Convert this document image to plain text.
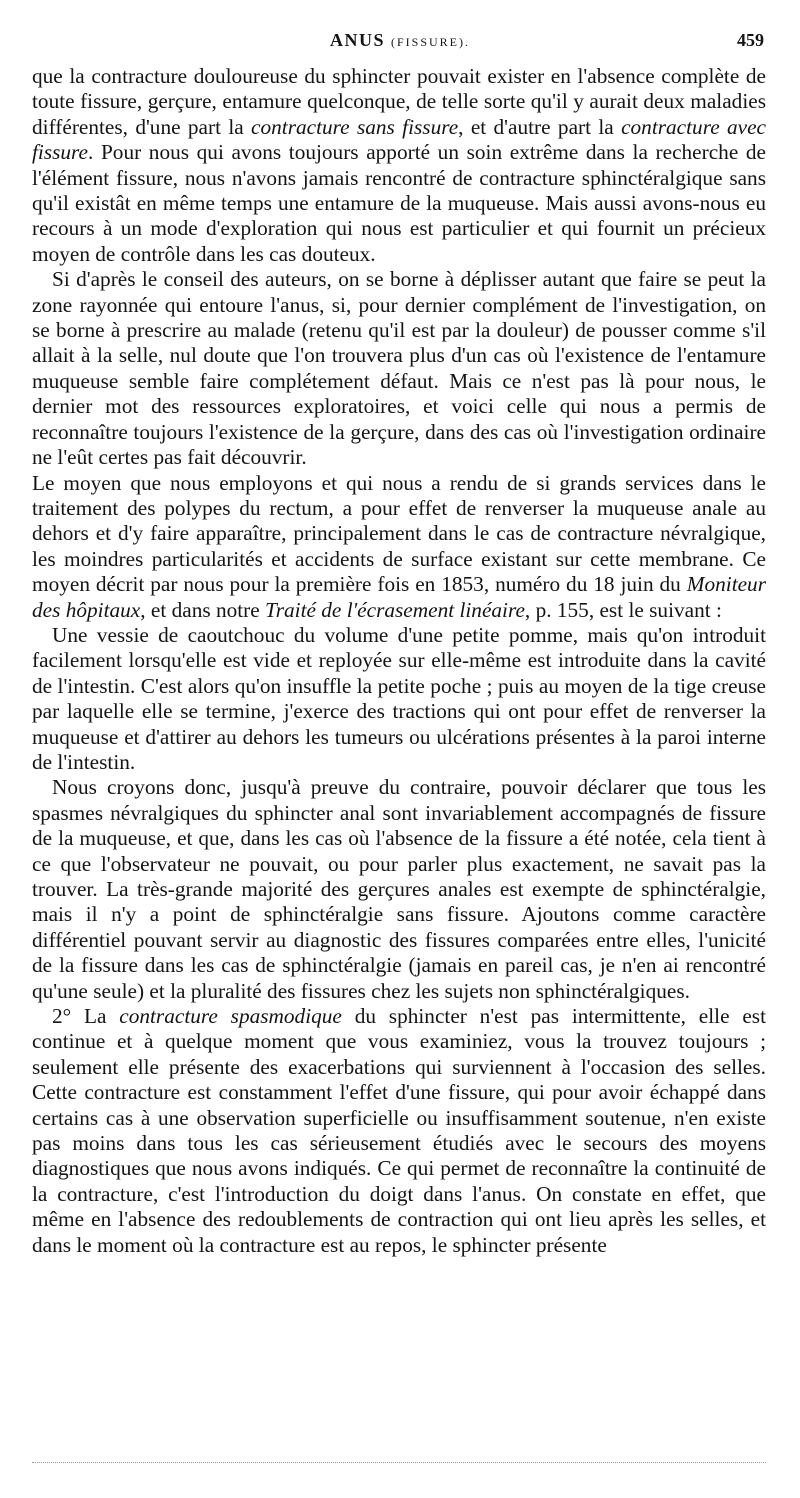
ANUS (FISSURE).	459

que la contracture douloureuse du sphincter pouvait exister en l'absence complète de toute fissure, gerçure, entamure quelconque, de telle sorte qu'il y aurait deux maladies différentes, d'une part la contracture sans fissure, et d'autre part la contracture avec fissure. Pour nous qui avons toujours apporté un soin extrême dans la recherche de l'élément fissure, nous n'avons jamais rencontré de contracture sphinctéralgique sans qu'il existât en même temps une entamure de la muqueuse. Mais aussi avons-nous eu recours à un mode d'exploration qui nous est particulier et qui fournit un précieux moyen de contrôle dans les cas douteux.

Si d'après le conseil des auteurs, on se borne à déplisser autant que faire se peut la zone rayonnée qui entoure l'anus, si, pour dernier complément de l'investigation, on se borne à prescrire au malade (retenu qu'il est par la douleur) de pousser comme s'il allait à la selle, nul doute que l'on trouvera plus d'un cas où l'existence de l'entamure muqueuse semble faire complétement défaut. Mais ce n'est pas là pour nous, le dernier mot des ressources exploratoires, et voici celle qui nous a permis de reconnaître toujours l'existence de la gerçure, dans des cas où l'investigation ordinaire ne l'eût certes pas fait découvrir.

Le moyen que nous employons et qui nous a rendu de si grands services dans le traitement des polypes du rectum, a pour effet de renverser la muqueuse anale au dehors et d'y faire apparaître, principalement dans le cas de contracture névralgique, les moindres particularités et accidents de surface existant sur cette membrane. Ce moyen décrit par nous pour la première fois en 1853, numéro du 18 juin du Moniteur des hôpitaux, et dans notre Traité de l'écrasement linéaire, p. 155, est le suivant :

Une vessie de caoutchouc du volume d'une petite pomme, mais qu'on introduit facilement lorsqu'elle est vide et reployée sur elle-même est introduite dans la cavité de l'intestin. C'est alors qu'on insuffle la petite poche ; puis au moyen de la tige creuse par laquelle elle se termine, j'exerce des tractions qui ont pour effet de renverser la muqueuse et d'attirer au dehors les tumeurs ou ulcérations présentes à la paroi interne de l'intestin.

Nous croyons donc, jusqu'à preuve du contraire, pouvoir déclarer que tous les spasmes névralgiques du sphincter anal sont invariablement accompagnés de fissure de la muqueuse, et que, dans les cas où l'absence de la fissure a été notée, cela tient à ce que l'observateur ne pouvait, ou pour parler plus exactement, ne savait pas la trouver. La très-grande majorité des gerçures anales est exempte de sphinctéralgie, mais il n'y a point de sphinctéralgie sans fissure. Ajoutons comme caractère différentiel pouvant servir au diagnostic des fissures comparées entre elles, l'unicité de la fissure dans les cas de sphinctéralgie (jamais en pareil cas, je n'en ai rencontré qu'une seule) et la pluralité des fissures chez les sujets non sphinctéralgiques.

2° La contracture spasmodique du sphincter n'est pas intermittente, elle est continue et à quelque moment que vous examiniez, vous la trouvez toujours ; seulement elle présente des exacerbations qui surviennent à l'occasion des selles. Cette contracture est constamment l'effet d'une fissure, qui pour avoir échappé dans certains cas à une observation superficielle ou insuffisamment soutenue, n'en existe pas moins dans tous les cas sérieusement étudiés avec le secours des moyens diagnostiques que nous avons indiqués. Ce qui permet de reconnaître la continuité de la contracture, c'est l'introduction du doigt dans l'anus. On constate en effet, que même en l'absence des redoublements de contraction qui ont lieu après les selles, et dans le moment où la contracture est au repos, le sphincter présente
